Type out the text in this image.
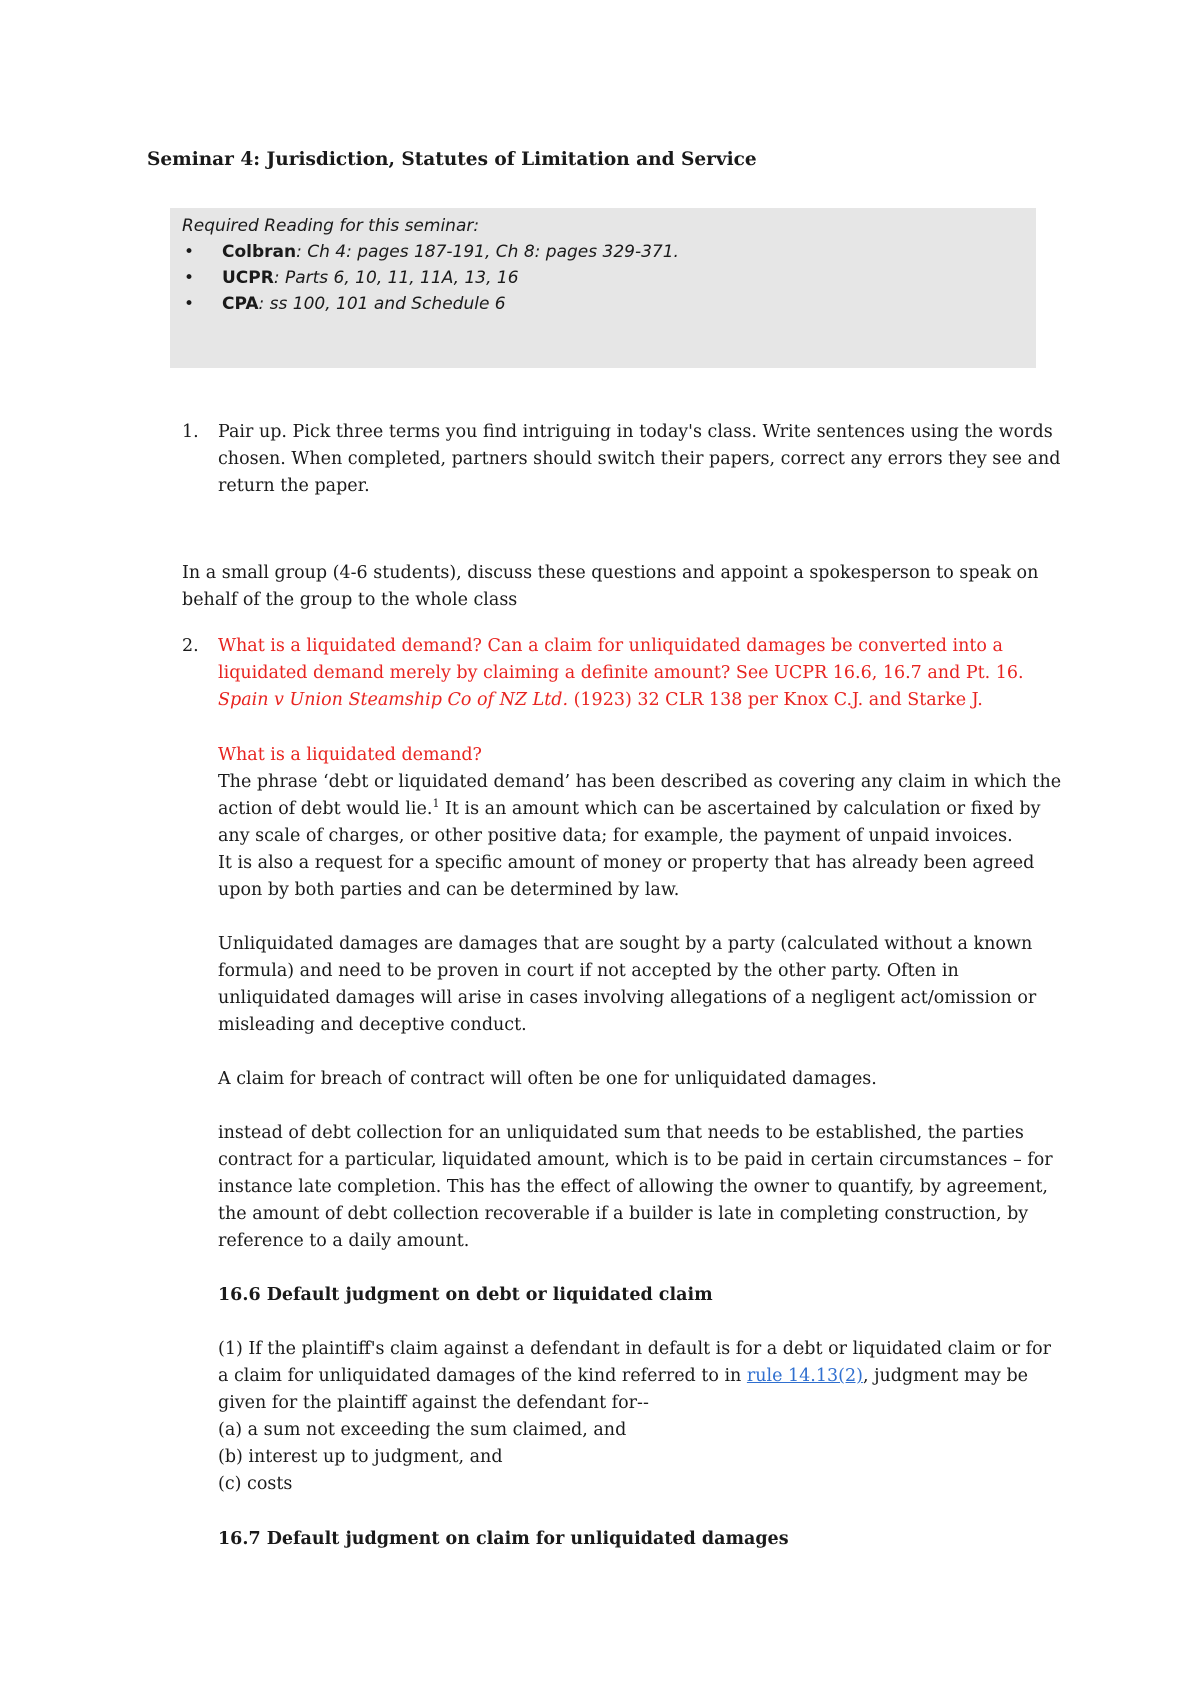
Seminar 4: Jurisdiction, Statutes of Limitation and Service
Required Reading for this seminar:
• Colbran: Ch 4: pages 187-191, Ch 8: pages 329-371.
• UCPR: Parts 6, 10, 11, 11A, 13, 16
• CPA: ss 100, 101 and Schedule 6
1.	Pair up. Pick three terms you find intriguing in today's class. Write sentences using the words chosen. When completed, partners should switch their papers, correct any errors they see and return the paper.
In a small group (4-6 students), discuss these questions and appoint a spokesperson to speak on behalf of the group to the whole class
2.	What is a liquidated demand? Can a claim for unliquidated damages be converted into a liquidated demand merely by claiming a definite amount? See UCPR 16.6, 16.7 and Pt. 16. Spain v Union Steamship Co of NZ Ltd. (1923) 32 CLR 138 per Knox C.J. and Starke J.
What is a liquidated demand?
The phrase ‘debt or liquidated demand’ has been described as covering any claim in which the action of debt would lie.$^1$ It is an amount which can be ascertained by calculation or fixed by any scale of charges, or other positive data; for example, the payment of unpaid invoices.
It is also a request for a specific amount of money or property that has already been agreed upon by both parties and can be determined by law.
Unliquidated damages are damages that are sought by a party (calculated without a known formula) and need to be proven in court if not accepted by the other party. Often in unliquidated damages will arise in cases involving allegations of a negligent act/omission or misleading and deceptive conduct.
A claim for breach of contract will often be one for unliquidated damages.
instead of debt collection for an unliquidated sum that needs to be established, the parties contract for a particular, liquidated amount, which is to be paid in certain circumstances – for instance late completion. This has the effect of allowing the owner to quantify, by agreement, the amount of debt collection recoverable if a builder is late in completing construction, by reference to a daily amount.
16.6 Default judgment on debt or liquidated claim
(1) If the plaintiff's claim against a defendant in default is for a debt or liquidated claim or for a claim for unliquidated damages of the kind referred to in rule 14.13(2), judgment may be given for the plaintiff against the defendant for--
(a) a sum not exceeding the sum claimed, and
(b) interest up to judgment, and
(c) costs
16.7 Default judgment on claim for unliquidated damages
